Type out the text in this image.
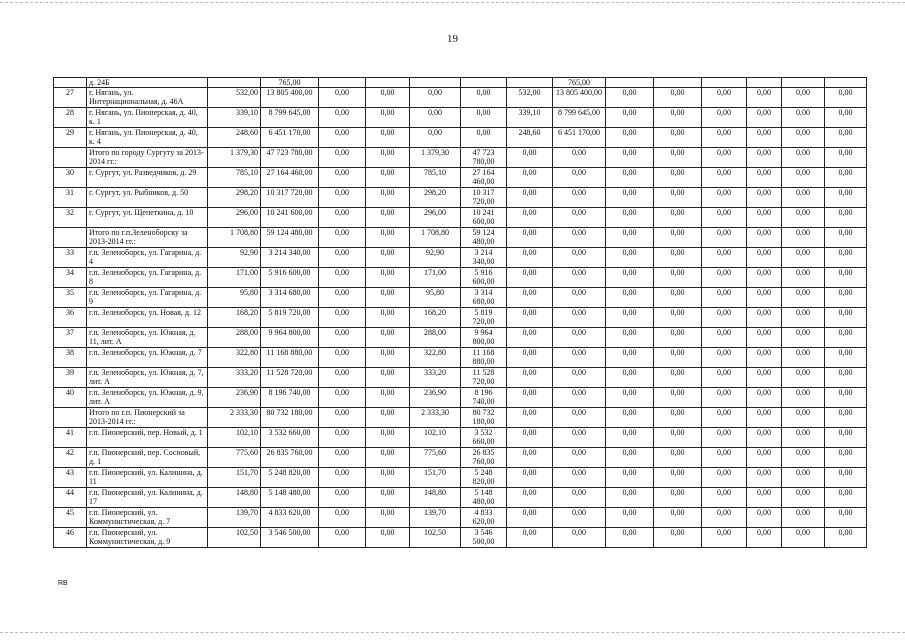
19
	д. 24Б		765,00						765,00						
27	г. Нягань, ул. Интернациональная, д. 46А	532,00	13 805 400,00	0,00	0,00	0,00	0,00	532,00	13 805 400,00	0,00	0,00	0,00	0,00	0,00	0,00
28	г. Нягань, ул. Пионерская, д. 40, к. 1	339,10	8 799 645,00	0,00	0,00	0,00	0,00	339,10	8 799 645,00	0,00	0,00	0,00	0,00	0,00	0,00
29	г. Нягань, ул. Пионерская, д. 40, к. 4	248,60	6 451 170,00	0,00	0,00	0,00	0,00	248,60	6 451 170,00	0,00	0,00	0,00	0,00	0,00	0,00
	Итого по городу Сургуту за 2013-2014 гг.:	1 379,30	47 723 780,00	0,00	0,00	1 379,30	47 723 780,00	0,00	0,00	0,00	0,00	0,00	0,00	0,00	0,00
30	г. Сургут, ул. Разведчиков, д. 29	785,10	27 164 460,00	0,00	0,00	785,10	27 164 460,00	0,00	0,00	0,00	0,00	0,00	0,00	0,00	0,00
31	г. Сургут, ул. Рыбников, д. 50	298,20	10 317 720,00	0,00	0,00	298,20	10 317 720,00	0,00	0,00	0,00	0,00	0,00	0,00	0,00	0,00
32	г. Сургут, ул. Щепеткина, д. 10	296,00	10 241 600,00	0,00	0,00	296,00	10 241 600,00	0,00	0,00	0,00	0,00	0,00	0,00	0,00	0,00
	Итого по г.п.Зеленоборску за 2013-2014 гг.:	1 708,80	59 124 480,00	0,00	0,00	1 708,80	59 124 480,00	0,00	0,00	0,00	0,00	0,00	0,00	0,00	0,00
33	г.п. Зеленоборск, ул. Гагарина, д. 4	92,90	3 214 340,00	0,00	0,00	92,90	3 214 340,00	0,00	0,00	0,00	0,00	0,00	0,00	0,00	0,00
34	г.п. Зеленоборск, ул. Гагарина, д. 8	171,00	5 916 600,00	0,00	0,00	171,00	5 916 600,00	0,00	0,00	0,00	0,00	0,00	0,00	0,00	0,00
35	г.п. Зеленоборск, ул. Гагарина, д. 9	95,80	3 314 680,00	0,00	0,00	95,80	3 314 680,00	0,00	0,00	0,00	0,00	0,00	0,00	0,00	0,00
36	г.п. Зеленоборск, ул. Новая, д. 12	168,20	5 819 720,00	0,00	0,00	168,20	5 819 720,00	0,00	0,00	0,00	0,00	0,00	0,00	0,00	0,00
37	г.п. Зеленоборск, ул. Южная, д. 11, лит. А	288,00	9 964 800,00	0,00	0,00	288,00	9 964 800,00	0,00	0,00	0,00	0,00	0,00	0,00	0,00	0,00
38	г.п. Зеленоборск, ул. Южная, д. 7	322,80	11 168 880,00	0,00	0,00	322,80	11 168 880,00	0,00	0,00	0,00	0,00	0,00	0,00	0,00	0,00
39	г.п. Зеленоборск, ул. Южная, д. 7, лит. А	333,20	11 528 720,00	0,00	0,00	333,20	11 528 720,00	0,00	0,00	0,00	0,00	0,00	0,00	0,00	0,00
40	г.п. Зеленоборск, ул. Южная, д. 9, лит. А	236,90	8 196 740,00	0,00	0,00	236,90	8 196 740,00	0,00	0,00	0,00	0,00	0,00	0,00	0,00	0,00
	Итого по г.п. Пионерский за 2013-2014 гг.:	2 333,30	80 732 180,00	0,00	0,00	2 333,30	80 732 180,00	0,00	0,00	0,00	0,00	0,00	0,00	0,00	0,00
41	г.п. Пионерский, пер. Новый, д. 1	102,10	3 532 660,00	0,00	0,00	102,10	3 532 660,00	0,00	0,00	0,00	0,00	0,00	0,00	0,00	0,00
42	г.п. Пионерский, пер. Сосновый, д. 1	775,60	26 835 760,00	0,00	0,00	775,60	26 835 760,00	0,00	0,00	0,00	0,00	0,00	0,00	0,00	0,00
43	г.п. Пионерский, ул. Калинина, д. 11	151,70	5 248 820,00	0,00	0,00	151,70	5 248 820,00	0,00	0,00	0,00	0,00	0,00	0,00	0,00	0,00
44	г.п. Пионерский, ул. Калинина, д. 17	148,80	5 148 480,00	0,00	0,00	148,80	5 148 480,00	0,00	0,00	0,00	0,00	0,00	0,00	0,00	0,00
45	г.п. Пионерский, ул. Коммунистическая, д. 7	139,70	4 833 620,00	0,00	0,00	139,70	4 833 620,00	0,00	0,00	0,00	0,00	0,00	0,00	0,00	0,00
46	г.п. Пионерский, ул. Коммунистическая, д. 9	102,50	3 546 500,00	0,00	0,00	102,50	3 546 500,00	0,00	0,00	0,00	0,00	0,00	0,00	0,00	0,00
RB
